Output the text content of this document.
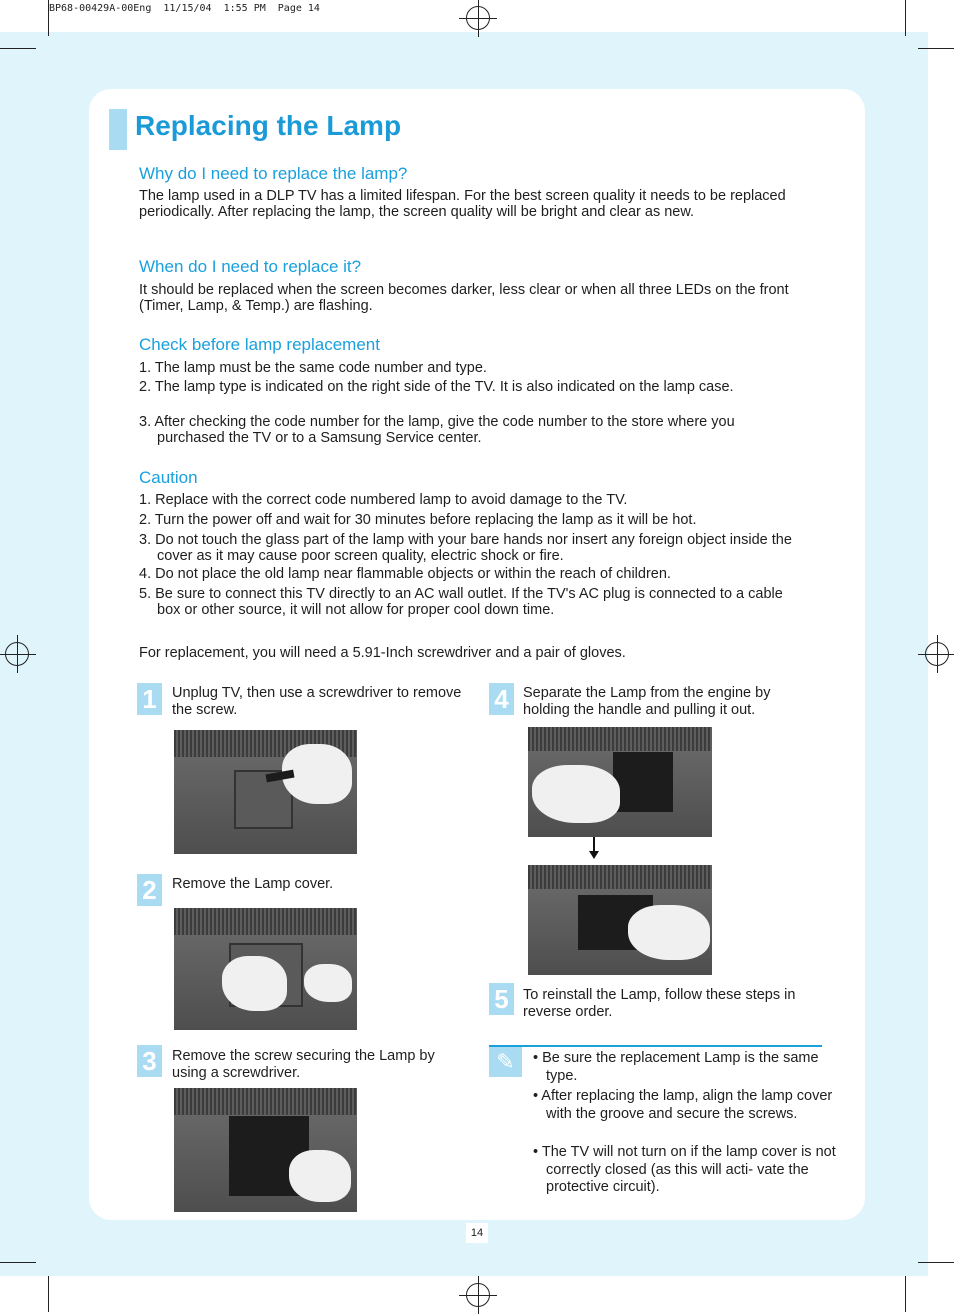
BP68-00429A-00Eng  11/15/04  1:55 PM  Page 14
Replacing the Lamp
Why do I need to replace the lamp?
The lamp used in a DLP TV has a limited lifespan. For the best screen quality it needs to be replaced periodically. After replacing the lamp, the screen quality will be bright and clear as new.
When do I need to replace it?
It should be replaced when the screen becomes darker, less clear or when all three LEDs on the front (Timer, Lamp, & Temp.) are flashing.
Check before lamp replacement
1. The lamp must be the same code number and type.
2. The lamp type is indicated on the right side of the TV. It is also indicated on the lamp case.
3. After checking the code number for the lamp, give the code number to the store where you purchased the TV or to a Samsung Service center.
Caution
1. Replace with the correct code numbered lamp to avoid damage to the TV.
2. Turn the power off and wait for 30 minutes before replacing the lamp as it will be hot.
3. Do not touch the glass part of the lamp with your bare hands nor insert any foreign object inside the cover as it may cause poor screen quality, electric shock or fire.
4. Do not place the old lamp near flammable objects or within the reach of children.
5. Be sure to connect this TV directly to an AC wall outlet. If the TV's AC plug is connected to a cable box or other source, it will not allow for proper cool down time.
For replacement, you will need a 5.91-Inch screwdriver and a pair of gloves.
1	Unplug TV, then use a screwdriver to remove the screw.
2	Remove the Lamp cover.
3	Remove the screw securing the Lamp by using a screwdriver.
4 Separate the Lamp from the engine by holding the handle and pulling it out.
5 To reinstall the Lamp, follow these steps in reverse order.
✎	• Be sure the replacement Lamp is the same type.
• After replacing the lamp, align the lamp cover with the groove and secure the screws.
• The TV will not turn on if the lamp cover is not correctly closed (as this will acti- vate the protective circuit).
14
